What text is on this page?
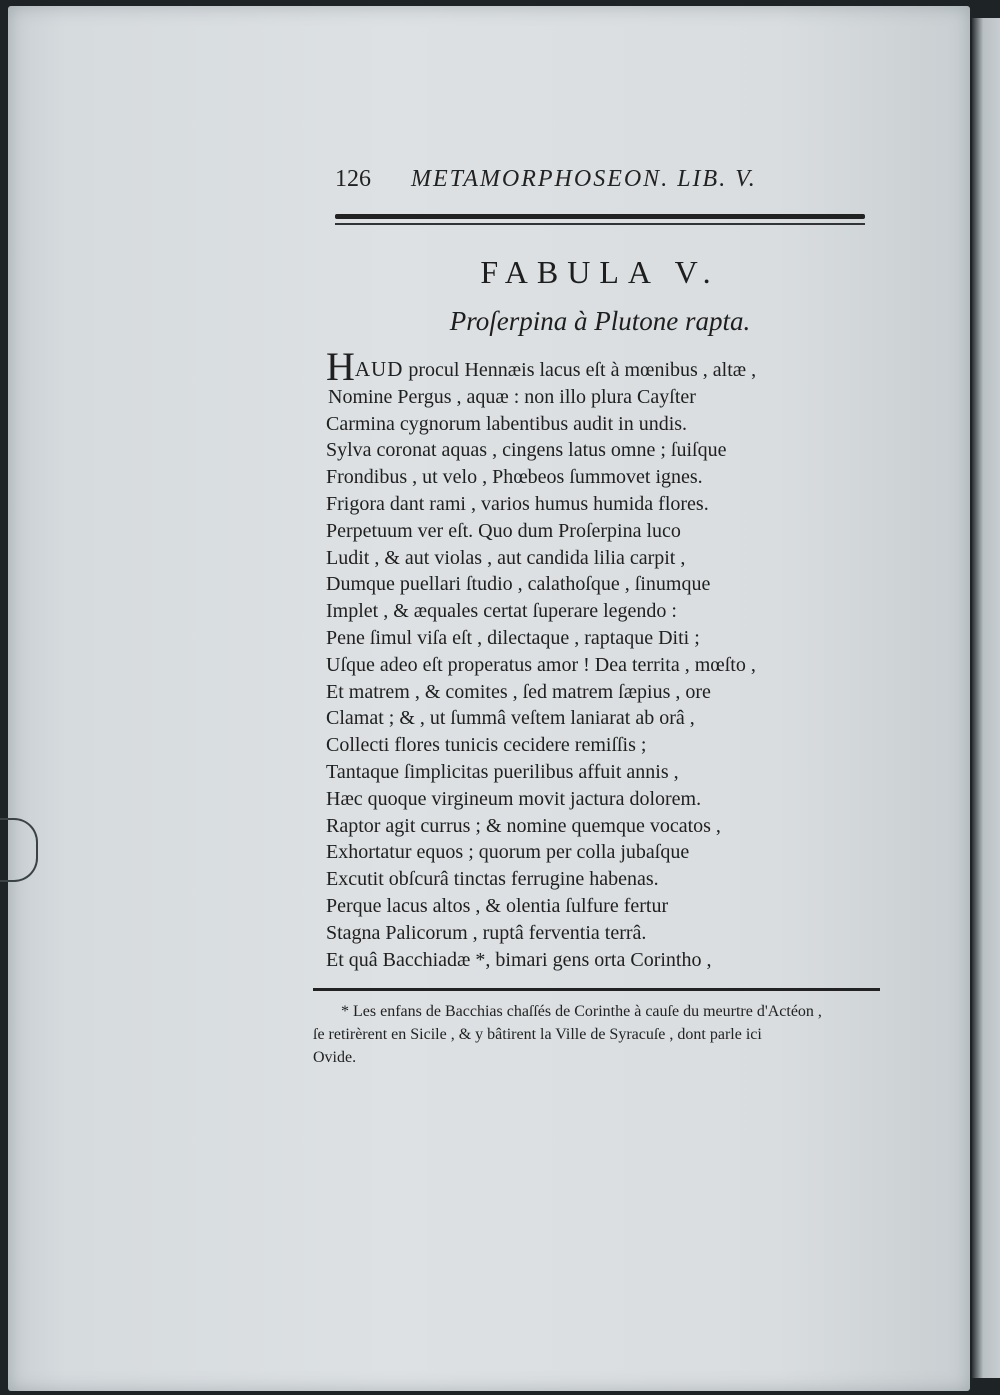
126 METAMORPHOSEON. LIB. V.
FABULA V.
Proſerpina à Plutone rapta.
HAUD procul Hennæis lacus eſt à mœnibus , altæ ,
Nomine Pergus , aquæ : non illo plura Cayſter
Carmina cygnorum labentibus audit in undis.
Sylva coronat aquas , cingens latus omne ; ſuiſque
Frondibus , ut velo , Phœbeos ſummovet ignes.
Frigora dant rami , varios humus humida flores.
Perpetuum ver eſt. Quo dum Proſerpina luco
Ludit , & aut violas , aut candida lilia carpit ,
Dumque puellari ſtudio , calathoſque , ſinumque
Implet , & æquales certat ſuperare legendo :
Pene ſimul viſa eſt , dilectaque , raptaque Diti ;
Uſque adeo eſt properatus amor ! Dea territa , mœſto ,
Et matrem , & comites , ſed matrem ſæpius , ore
Clamat ; & , ut ſummâ veſtem laniarat ab orâ ,
Collecti flores tunicis cecidere remiſſis ;
Tantaque ſimplicitas puerilibus affuit annis ,
Hæc quoque virgineum movit jactura dolorem.
Raptor agit currus ; & nomine quemque vocatos ,
Exhortatur equos ; quorum per colla jubaſque
Excutit obſcurâ tinctas ferrugine habenas.
Perque lacus altos , & olentia ſulfure fertur
Stagna Palicorum , ruptâ ferventia terrâ.
Et quâ Bacchiadæ *, bimari gens orta Corintho ,
* Les enfans de Bacchias chaſſés de Corinthe à cauſe du meurtre d'Actéon ,
ſe retirèrent en Sicile , & y bâtirent la Ville de Syracuſe , dont parle ici
Ovide.
